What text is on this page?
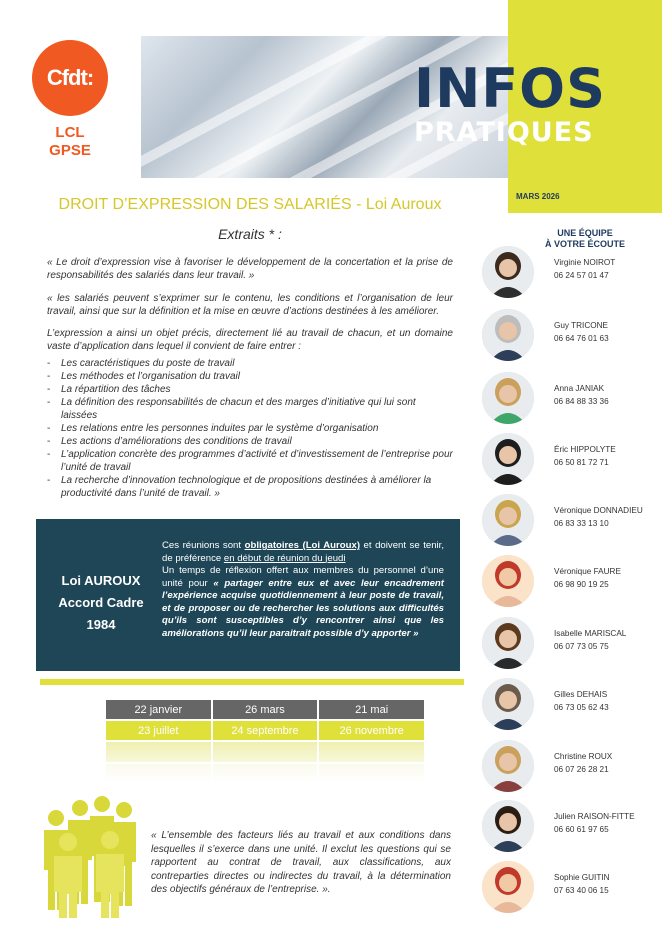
Cfdt:
LCL
GPSE
INFOS
PRATIQUES
MARS 2026
DROIT D’EXPRESSION DES SALARIÉS - Loi Auroux
Extraits * :

« Le droit d’expression vise à favoriser le développement de la concertation et la prise de responsabilités des salariés dans leur travail. »

« les salariés peuvent s’exprimer sur le contenu, les conditions et l’organisation de leur travail, ainsi que sur la définition et la mise en œuvre d’actions destinées à les améliorer.

L’expression a ainsi un objet précis, directement lié au travail de chacun, et un domaine vaste d’application dans lequel il convient de faire entrer :

- Les caractéristiques du poste de travail
- Les méthodes et l’organisation du travail
- La répartition des tâches
- La définition des responsabilités de chacun et des marges d’initiative qui lui sont laissées
- Les relations entre les personnes induites par le système d’organisation
- Les actions d’améliorations des conditions de travail
- L’application concrète des programmes d’activité et d’investissement de l’entreprise pour l’unité de travail
- La recherche d’innovation technologique et de propositions destinées à améliorer la productivité dans l’unité de travail. »
Loi AUROUX
Accord Cadre
1984
Ces réunions sont obligatoires (Loi Auroux) et doivent se tenir, de préférence en début de réunion du jeudi
Un temps de réflexion offert aux membres du personnel d’une unité pour « partager entre eux et avec leur encadrement l’expérience acquise quotidiennement à leur poste de travail, et de proposer ou de rechercher les solutions aux difficultés qu’ils sont susceptibles d’y rencontrer ainsi que les améliorations qu’il leur paraitrait possible d’y apporter »
22 janvier	26 mars	21 mai
23 juillet	24 septembre	26 novembre

« L’ensemble des facteurs liés au travail et aux conditions dans lesquelles il s’exerce dans une unité. Il exclut les questions qui se rapportent au contrat de travail, aux classifications, aux contreparties directes ou indirectes du travail, à la détermination des objectifs généraux de l’entreprise. ».

UNE ÉQUIPE
À VOTRE ÉCOUTE
Virginie NOIROT
06 24 57 01 47
Guy TRICONE
06 64 76 01 63
Anna JANIAK
06 84 88 33 36
Éric HIPPOLYTE
06 50 81 72 71
Véronique DONNADIEU
06 83 33 13 10
Véronique FAURE
06 98 90 19 25
Isabelle MARISCAL
06 07 73 05 75
Gilles DEHAIS
06 73 05 62 43
Christine ROUX
06 07 26 28 21
Julien RAISON-FITTE
06 60 61 97 65
Sophie GUITIN
07 63 40 06 15
